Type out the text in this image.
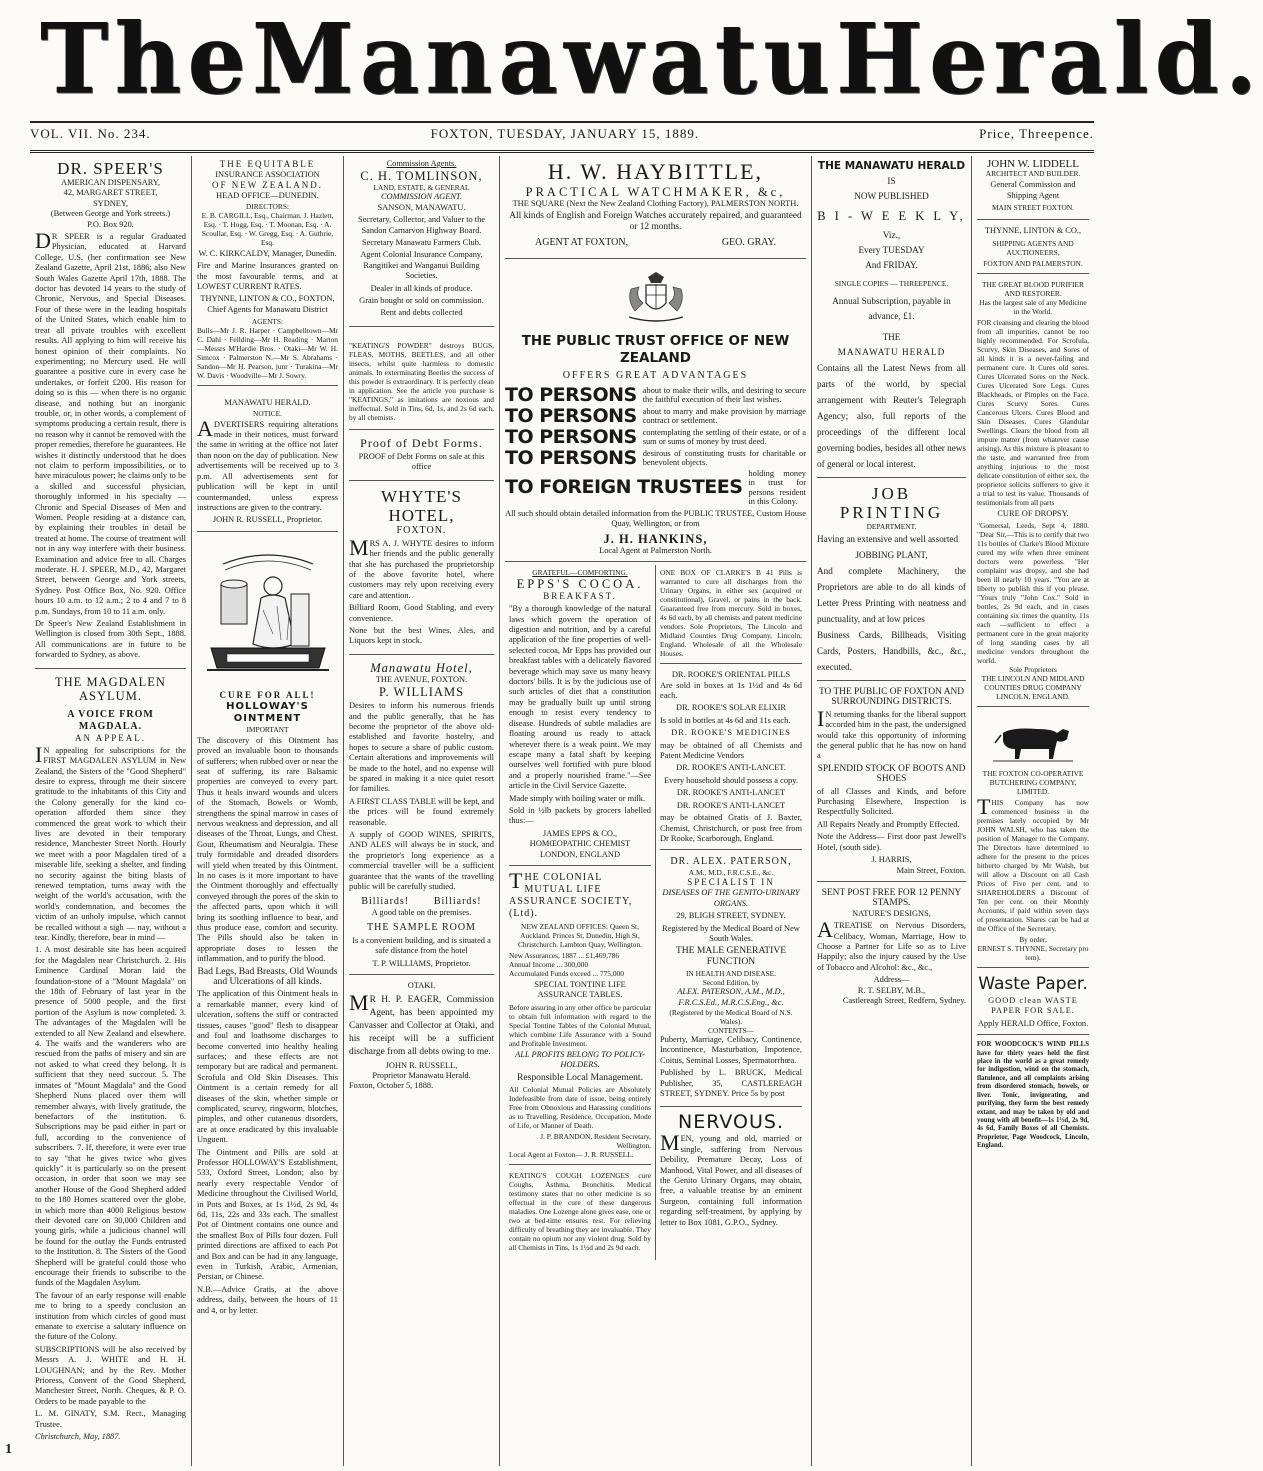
The Manawatu Herald.
VOL. VII. No. 234.	FOXTON, TUESDAY, JANUARY 15, 1889.	Price, Threepence.
DR. SPEER'S
AMERICAN DISPENSARY,
42, MARGARET STREET,
SYDNEY,
(Between George and York streets.)
P.O. Box 920.
DR SPEER is a regular Graduated Physician, educated at Harvard College, U.S. (her confirmation see New Zealand Gazette, April 21st, 1886; also New South Wales Gazette April 17th, 1888. The doctor has devoted 14 years to the study of Chronic, Nervous, and Special Diseases. Four of these were in the leading hospitals of the United States, which enable him to treat all private troubles with excellent results. All applying to him will receive his honest opinion of their complaints. No experimenting; no Mercury used. He will guarantee a positive cure in every case he undertakes, or forfeit £200. His reason for doing so is this — when there is no organic disease, and nothing but an inorganic trouble, or, in other words, a complement of symptoms producing a certain result, there is no reason why it cannot be removed with the proper remedies, therefore he guarantees. He wishes it distinctly understood that he does not claim to perform impossibilities, or to have miraculous power; he claims only to be a skilled and successful physician, thoroughly informed in his specialty — Chronic and Special Diseases of Men and Women. People residing at a distance can, by explaining their troubles in detail be treated at home. The course of treatment will not in any way interfere with their business. Examination and advice free to all. Charges moderate. H. J. SPEER, M.D., 42, Margaret Street, between George and York streets, Sydney. Post Office Box, No. 920. Office hours 10 a.m. to 12 a.m.; 2 to 4 and 7 to 8 p.m. Sundays, from 10 to 11 a.m. only.
Dr Speer's New Zealand Establishment in Wellington is closed from 30th Sept., 1888. All communications are in future to be forwarded to Sydney, as above.
THE MAGDALEN ASYLUM.
A VOICE FROM MAGDALA.
AN APPEAL.
IN appealing for subscriptions for the FIRST MAGDALEN ASYLUM in New Zealand, the Sisters of the "Good Shepherd" desire to express, through me their sincere gratitude to the inhabitants of this City and the Colony generally for the kind co-operation afforded them since they commenced the great work to which their lives are devoted in their temporary residence, Manchester Street North. Hourly we meet with a poor Magdalen tired of a miserable life, seeking a shelter, and finding no security against the biting blasts of renewed temptation, turns away with the weight of the world's accusation, with the world's condemnation, and becomes the victim of an unholy impulse, which cannot be recalled without a sigh — nay, without a tear. Kindly, therefore, bear in mind —
1. A most desirable site has been acquired for the Magdalen near Christchurch. 2. His Eminence Cardinal Moran laid the foundation-stone of a "Mount Magdala" on the 18th of February of last year in the presence of 5000 people, and the first portion of the Asylum is now completed. 3. The advantages of the Magdalen will be extended to all New Zealand and elsewhere. 4. The waifs and the wanderers who are rescued from the paths of misery and sin are not asked to what creed they belong. It is sufficient that they need succour. 5. The inmates of "Mount Magdala" and the Good Shepherd Nuns placed over them will remember always, with lively gratitude, the benefactors of the institution. 6. Subscriptions may be paid either in part or full, according to the convenience of subscribers. 7. If, therefore, it were ever true to say "that he gives twice who gives quickly" it is particularly so on the present occasion, in order that soon we may see another House of the Good Shepherd added to the 180 Homes scattered over the globe, in which more than 4000 Religious bestow their devoted care on 30,000 Children and young girls, while a judicious channel will be found for the outlay the Funds entrusted to the Institution. 8. The Sisters of the Good Shepherd will be grateful could those who encourage their friends to subscribe to the funds of the Magdalen Asylum.
The favour of an early response will enable me to bring to a speedy conclusion an institution from which circles of good must emanate to exercise a salutary influence on the future of the Colony.
SUBSCRIPTIONS will be also received by Messrs A. J. WHITE and H. H. LOUGHNAN; and by the Rev. Mother Prioress, Convent of the Good Shepherd, Manchester Street, North. Cheques, & P. O. Orders to be made payable to the
L. M. GINATY, S.M. Rect., Managing Trustee.
Christchurch, May, 1887.
THE EQUITABLE
INSURANCE ASSOCIATION
OF NEW ZEALAND.
HEAD OFFICE—DUNEDIN.
DIRECTORS:
E. B. CARGILL, Esq., Chairman. J. Hazlett, Esq. · T. Hogg, Esq. · T. Moonan, Esq. · A. Scoullar, Esq. · W. Gregg, Esq. · A. Guthrie, Esq.
W. C. KIRKCALDY, Manager, Dunedin.
Fire and Marine Insurances granted on the most favourable terms, and at LOWEST CURRENT RATES.
THYNNE, LINTON & CO., FOXTON, Chief Agents for Manawatu District
AGENTS:
Bulls—Mr J. R. Harper · Campbelltown—Mr C. Dahl · Feilding—Mr H. Reading · Marton—Messrs M'Hardie Bros. · Otaki—Mr W. H. Simcox · Palmerston N.—Mr S. Abrahams · Sandon—Mr H. Pearson, junr · Turakina—Mr W. Davis · Woodville—Mr J. Sowry.
MANAWATU HERALD.
NOTICE.
ADVERTISERS requiring alterations made in their notices, must forward the same in writing at the office not later than noon on the day of publication. New advertisements will be received up to 3 p.m. All advertisements sent for publication will be kept in until countermanded, unless express instructions are given to the contrary.
JOHN R. RUSSELL, Proprietor.
CURE FOR ALL!
HOLLOWAY'S OINTMENT
IMPORTANT
The discovery of this Ointment has proved an invaluable boon to thousands of sufferers; when rubbed over or near the seat of suffering, its rare Balsamic properties are conveyed to every part. Thus it heals inward wounds and ulcers of the Stomach, Bowels or Womb, strengthens the spinal marrow in cases of nervous weakness and depression, and all diseases of the Throat, Lungs, and Chest. Gout, Rheumatism and Neuralgia. These truly formidable and dreaded disorders will yield when treated by this Ointment. In no cases is it more important to have the Ointment thoroughly and effectually conveyed through the pores of the skin to the affected parts, upon which it will bring its soothing influence to bear, and thus produce ease, comfort and security. The Pills should also be taken in appropriate doses to lessen the inflammation, and to purify the blood.
Bad Legs, Bad Breasts, Old Wounds and Ulcerations of all kinds.
The application of this Ointment heals in a remarkable manner, every kind of ulceration, softens the stiff or contracted tissues, causes "good" flesh to disappear and foul and loathsome discharges to become converted into healthy healing surfaces; and these effects are not temporary but are radical and permanent. Scrofula and Old Skin Diseases. This Ointment is a certain remedy for all diseases of the skin, whether simple or complicated, scurvy, ringworm, blotches, pimples, and other cutaneous disorders, are at once eradicated by this invaluable Unguent.
The Ointment and Pills are sold at Professor HOLLOWAY'S Establishment, 533, Oxford Street, London; also by nearly every respectable Vendor of Medicine throughout the Civilised World, in Pots and Boxes, at 1s 1½d, 2s 9d, 4s 6d, 11s, 22s and 33s each. The smallest Pot of Ointment contains one ounce and the smallest Box of Pills four dozen. Full printed directions are affixed to each Pot and Box and can be had in any language, even in Turkish, Arabic, Armenian, Persian, or Chinese.
N.B.—Advice Gratis, at the above address, daily, between the hours of 11 and 4, or by letter.
Commission Agents.
C. H. TOMLINSON,
LAND, ESTATE, & GENERAL
COMMISSION AGENT.
SANSON, MANAWATU.
Secretary, Collector, and Valuer to the Sandon Carnarvon Highway Board.
Secretary Manawatu Farmers Club.
Agent Colonial Insurance Company, Rangitikei and Wanganui Building Societies.
Dealer in all kinds of produce.
Grain bought or sold on commission.
Rent and debts collected
"KEATING'S POWDER" destroys BUGS, FLEAS, MOTHS, BEETLES, and all other insects, whilst quite harmless to domestic animals. In exterminating Beetles the success of this powder is extraordinary. It is perfectly clean in application. See the article you purchase is "KEATINGS," as imitations are noxious and ineffectual. Sold in Tins, 6d, 1s, and 2s 6d each, by all chemists.
Proof of Debt Forms.
PROOF of Debt Forms on sale at this office
WHYTE'S HOTEL,
FOXTON.
MRS A. J. WHYTE desires to inform her friends and the public generally that she has purchased the proprietorship of the above favorite hotel, where customers may rely upon receiving every care and attention.
Billiard Room, Good Stabling, and every convenience.
None but the best Wines, Ales, and Liquors kept in stock.
Manawatu Hotel,
THE AVENUE, FOXTON.
P. WILLIAMS
Desires to inform his numerous friends and the public generally, that he has become the proprietor of the above old-established and favorite hostelry, and hopes to secure a share of public custom. Certain alterations and improvements will be made to the hotel, and no expense will be spared in making it a nice quiet resort for families.
A FIRST CLASS TABLE will be kept, and the prices will be found extremely reasonable.
A supply of GOOD WINES, SPIRITS, AND ALES will always be in stock, and the proprietor's long experience as a commercial traveller will be a sufficient guarantee that the wants of the travelling public will be carefully studied.
Billiards!	Billiards!
A good table on the premises.
THE SAMPLE ROOM
Is a convenient building, and is situated a safe distance from the hotel
T. P. WILLIAMS, Proprietor.
OTAKI.
MR H. P. EAGER, Commission Agent, has been appointed my Canvasser and Collector at Otaki, and his receipt will be a sufficient discharge from all debts owing to me.
JOHN R. RUSSELL,
Proprietor Manawatu Herald.
Foxton, October 5, 1888.
H. W. HAYBITTLE,
PRACTICAL WATCHMAKER, &c,
THE SQUARE (Next the New Zealand Clothing Factory), PALMERSTON NORTH.
All kinds of English and Foreign Watches accurately repaired, and guaranteed or 12 months.
AGENT AT FOXTON,	GEO. GRAY.
THE PUBLIC TRUST OFFICE OF NEW ZEALAND
OFFERS GREAT ADVANTAGES
TO PERSONS about to make their wills, and desiring to secure the faithful execution of their last wishes.
TO PERSONS about to marry and make provision by marriage contract or settlement.
TO PERSONS contemplating the settling of their estate, or of a sum or sums of money by trust deed.
TO PERSONS desirous of constituting trusts for charitable or benevolent objects.
TO FOREIGN TRUSTEES
holding money in trust for persons resident in this Colony.
All such should obtain detailed information from the PUBLIC TRUSTEE, Custom House Quay, Wellington, or from
J. H. HANKINS,
Local Agent at Palmerston North.
GRATEFUL—COMFORTING.
EPPS'S COCOA.
BREAKFAST.
"By a thorough knowledge of the natural laws which govern the operation of digestion and nutrition, and by a careful application of the fine properties of well-selected cocoa, Mr Epps has provided our breakfast tables with a delicately flavored beverage which may save us many heavy doctors' bills. It is by the judicious use of such articles of diet that a constitution may be gradually built up until strong enough to resist every tendency to disease. Hundreds of subtle maladies are floating around us ready to attack wherever there is a weak point. We may escape many a fatal shaft by keeping ourselves well fortified with pure blood and a properly nourished frame."—See article in the Civil Service Gazette.
Made simply with boiling water or milk.
Sold in ½lb packets by grocers labelled thus:—
JAMES EPPS & CO.,
HOMŒOPATHIC CHEMIST
LONDON, ENGLAND
THE COLONIAL MUTUAL LIFE ASSURANCE SOCIETY, (Ltd).
NEW ZEALAND OFFICES: Queen St, Auckland. Princes St, Dunedin, High St, Christchurch. Lambton Quay, Wellington.
New Assurances, 1887 ... £1,469,786
Annual Income ... 300,000
Accumulated Funds exceed ... 775,000
SPECIAL TONTINE LIFE ASSURANCE TABLES.
Before assuring in any other office be particular to obtain full information with regard to the Special Tontine Tables of the Colonial Mutual, which combine Life Assurance with a Sound and Profitable Investment.
ALL PROFITS BELONG TO POLICY-HOLDERS.
Responsible Local Management.
All Colonial Mutual Policies are Absolutely Indefeasible from date of issue, being entirely Free from Obnoxious and Harassing conditions as to Travelling, Residence, Occupation, Mode of Life, or Manner of Death.
J. P. BRANDON, Resident Secretary, Wellington.
Local Agent at Foxton— J. R. RUSSELL.
KEATING'S COUGH LOZENGES cure Coughs, Asthma, Bronchitis. Medical testimony states that no other medicine is so effectual in the cure of these dangerous maladies. One Lozenge alone gives ease, one or two at bed-time ensures rest. For relieving difficulty of breathing they are invaluable. They contain no opium nor any violent drug. Sold by all Chemists in Tins, 1s 1½d and 2s 9d each.
ONE BOX OF CLARKE'S B 41 Pills is warranted to cure all discharges from the Urinary Organs, in either sex (acquired or constitutional), Gravel, or pains in the back. Guaranteed free from mercury. Sold in boxes, 4s 6d each, by all chemists and patent medicine vendors. Sole Proprietors, The Lincoln and Midland Counties Drug Company, Lincoln, England. Wholesale of all the Wholesale Houses.
DR. ROOKE'S ORIENTAL PILLS
Are sold in boxes at 1s 1½d and 4s 6d each.
DR. ROOKE'S SOLAR ELIXIR
Is sold in bottles at 4s 6d and 11s each.
DR. ROOKE'S MEDICINES
may be obtained of all Chemists and Patent Medicine Vendors
DR. ROOKE'S ANTI-LANCET.
Every household should possess a copy.
DR. ROOKE'S ANTI-LANCET
DR. ROOKE'S ANTI-LANCET
may be obtained Gratis of J. Baxter, Chemist, Christchurch, or post free from Dr Rooke, Scarborough, England.
DR. ALEX. PATERSON,
A.M., M.D., F.R.C.S.E., &c.
SPECIALIST IN
DISEASES OF THE GENITO-URINARY ORGANS.
29, BLIGH STREET, SYDNEY.
Registered by the Medical Board of New South Wales.
THE MALE GENERATIVE FUNCTION
IN HEALTH AND DISEASE.
Second Edition, by
ALEX. PATERSON, A.M., M.D., F.R.C.S.Ed., M.R.C.S.Eng., &c.
(Registered by the Medical Board of N.S. Wales).
CONTENTS—
Puberty, Marriage, Celibacy, Continence, Incontinence, Masturbation, Impotence, Coitus, Seminal Losses, Spermatorrhœa.
Published by L. BRUCK, Medical Publisher, 35, CASTLEREAGH STREET, SYDNEY. Price 5s by post
NERVOUS.
MEN, young and old, married or single, suffering from Nervous Debility, Premature Decay, Loss of Manhood, Vital Power, and all diseases of the Genito Urinary Organs, may obtain, free, a valuable treatise by an eminent Surgeon, containing full information regarding self-treatment, by applying by letter to Box 1081, G.P.O., Sydney.
THE MANAWATU HERALD
IS
NOW PUBLISHED
B I - W E E K L Y,
Viz.,
Every TUESDAY
And FRIDAY.
SINGLE COPIES — THREEPENCE.
Annual Subscription, payable in advance, £1.
THE
MANAWATU HERALD
Contains all the Latest News from all parts of the world, by special arrangement with Reuter's Telegraph Agency; also, full reports of the proceedings of the different local governing bodies, besides all other news of general or local interest.
JOB PRINTING
DEPARTMENT.
Having an extensive and well assorted
JOBBING PLANT,
And complete Machinery, the Proprietors are able to do all kinds of Letter Press Printing with neatness and punctuality, and at low prices
Business Cards, Billheads, Visiting Cards, Posters, Handbills, &c., &c., executed.
TO THE PUBLIC OF FOXTON AND SURROUNDING DISTRICTS.
IN returning thanks for the liberal support accorded him in the past, the undersigned would take this opportunity of informing the general public that he has now on hand a
SPLENDID STOCK OF BOOTS AND SHOES
of all Classes and Kinds, and before Purchasing Elsewhere, Inspection is Respectfully Solicited.
All Repairs Neatly and Promptly Effected.
Note the Address— First door past Jewell's Hotel, (south side).
J. HARRIS,
Main Street, Foxton.
SENT POST FREE FOR 12 PENNY STAMPS.
NATURE'S DESIGNS,
ATREATISE on Nervous Disorders, Celibacy, Woman, Marriage, How to Choose a Partner for Life so as to Live Happily; also the injury caused by the Use of Tobacco and Alcohol: &c., &c.,
Address—
R. T. SELBY, M.B.,
Castlereagh Street, Redfern, Sydney.
JOHN W. LIDDELL
ARCHITECT AND BUILDER.
General Commission and Shipping Agent
MAIN STREET FOXTON.
THYNNE, LINTON & CO.,
SHIPPING AGENTS AND AUCTIONEERS,
FOXTON AND PALMERSTON.
THE GREAT BLOOD PURIFIER AND RESTORER.
Has the largest sale of any Medicine in the World.
FOR cleansing and clearing the blood from all impurities, cannot be too highly recommended. For Scrofula, Scurvy, Skin Diseases, and Sores of all kinds it is a never-failing and permanent cure. It Cures old sores. Cures Ulcerated Sores on the Neck. Cures Ulcerated Sore Legs. Cures Blackheads, or Pimples on the Face. Cures Scurvy Sores. Cures Cancerous Ulcers. Cures Blood and Skin Diseases. Cures Glandular Swellings. Clears the blood from all impure matter (from whatever cause arising). As this mixture is pleasant to the taste, and warranted free from anything injurious to the most delicate constitution of either sex, the proprietor solicits sufferers to give it a trial to test its value. Thousands of testimonials from all parts
CURE OF DROPSY.
"Gomersal, Leeds, Sept 4, 1880. "Dear Sir,—This is to certify that two 11s bottles of Clarke's Blood Mixture cured my wife when three eminent doctors were powerless. "Her complaint was dropsy, and she had been ill nearly 10 years. "You are at liberty to publish this if you please. "Yours truly "John Cox." Sold in bottles, 2s 9d each, and in cases containing six times the quantity, 11s each —sufficient to effect a permanent cure in the great majority of long standing cases by all medicine vendors throughout the world.
Sole Proprietors
THE LINCOLN AND MIDLAND COUNTIES DRUG COMPANY
LINCOLN, ENGLAND.
THE FOXTON CO-OPERATIVE BUTCHERING COMPANY, LIMITED.
THIS Company has now commenced business in the premises lately occupied by Mr JOHN WALSH, who has taken the position of Manager to the Company. The Directors have determined to adhere for the present to the prices hitherto charged by Mr Walsh, but will allow a Discount on all Cash Prices of Five per cent, and to SHAREHOLDERS a Discount of Ten per cent. on their Monthly Accounts, if paid within seven days of presentation. Shares can be had at the Office of the Secretary.
By order,
ERNEST S. THYNNE, Secretary pro tem).
Waste Paper.
GOOD clean WASTE PAPER FOR SALE.
Apply HERALD Office, Foxton.
FOR WOODCOCK'S WIND PILLS have for thirty years held the first place in the world as a great remedy for indigestion, wind on the stomach, flatulence, and all complaints arising from disordered stomach, bowels, or liver. Tonic, invigorating, and purifying, they form the best remedy extant, and may be taken by old and young with all benefit—1s 1½d, 2s 9d, 4s 6d, Family Boxes of all Chemists. Proprietor, Page Woodcock, Lincoln, England.
1
